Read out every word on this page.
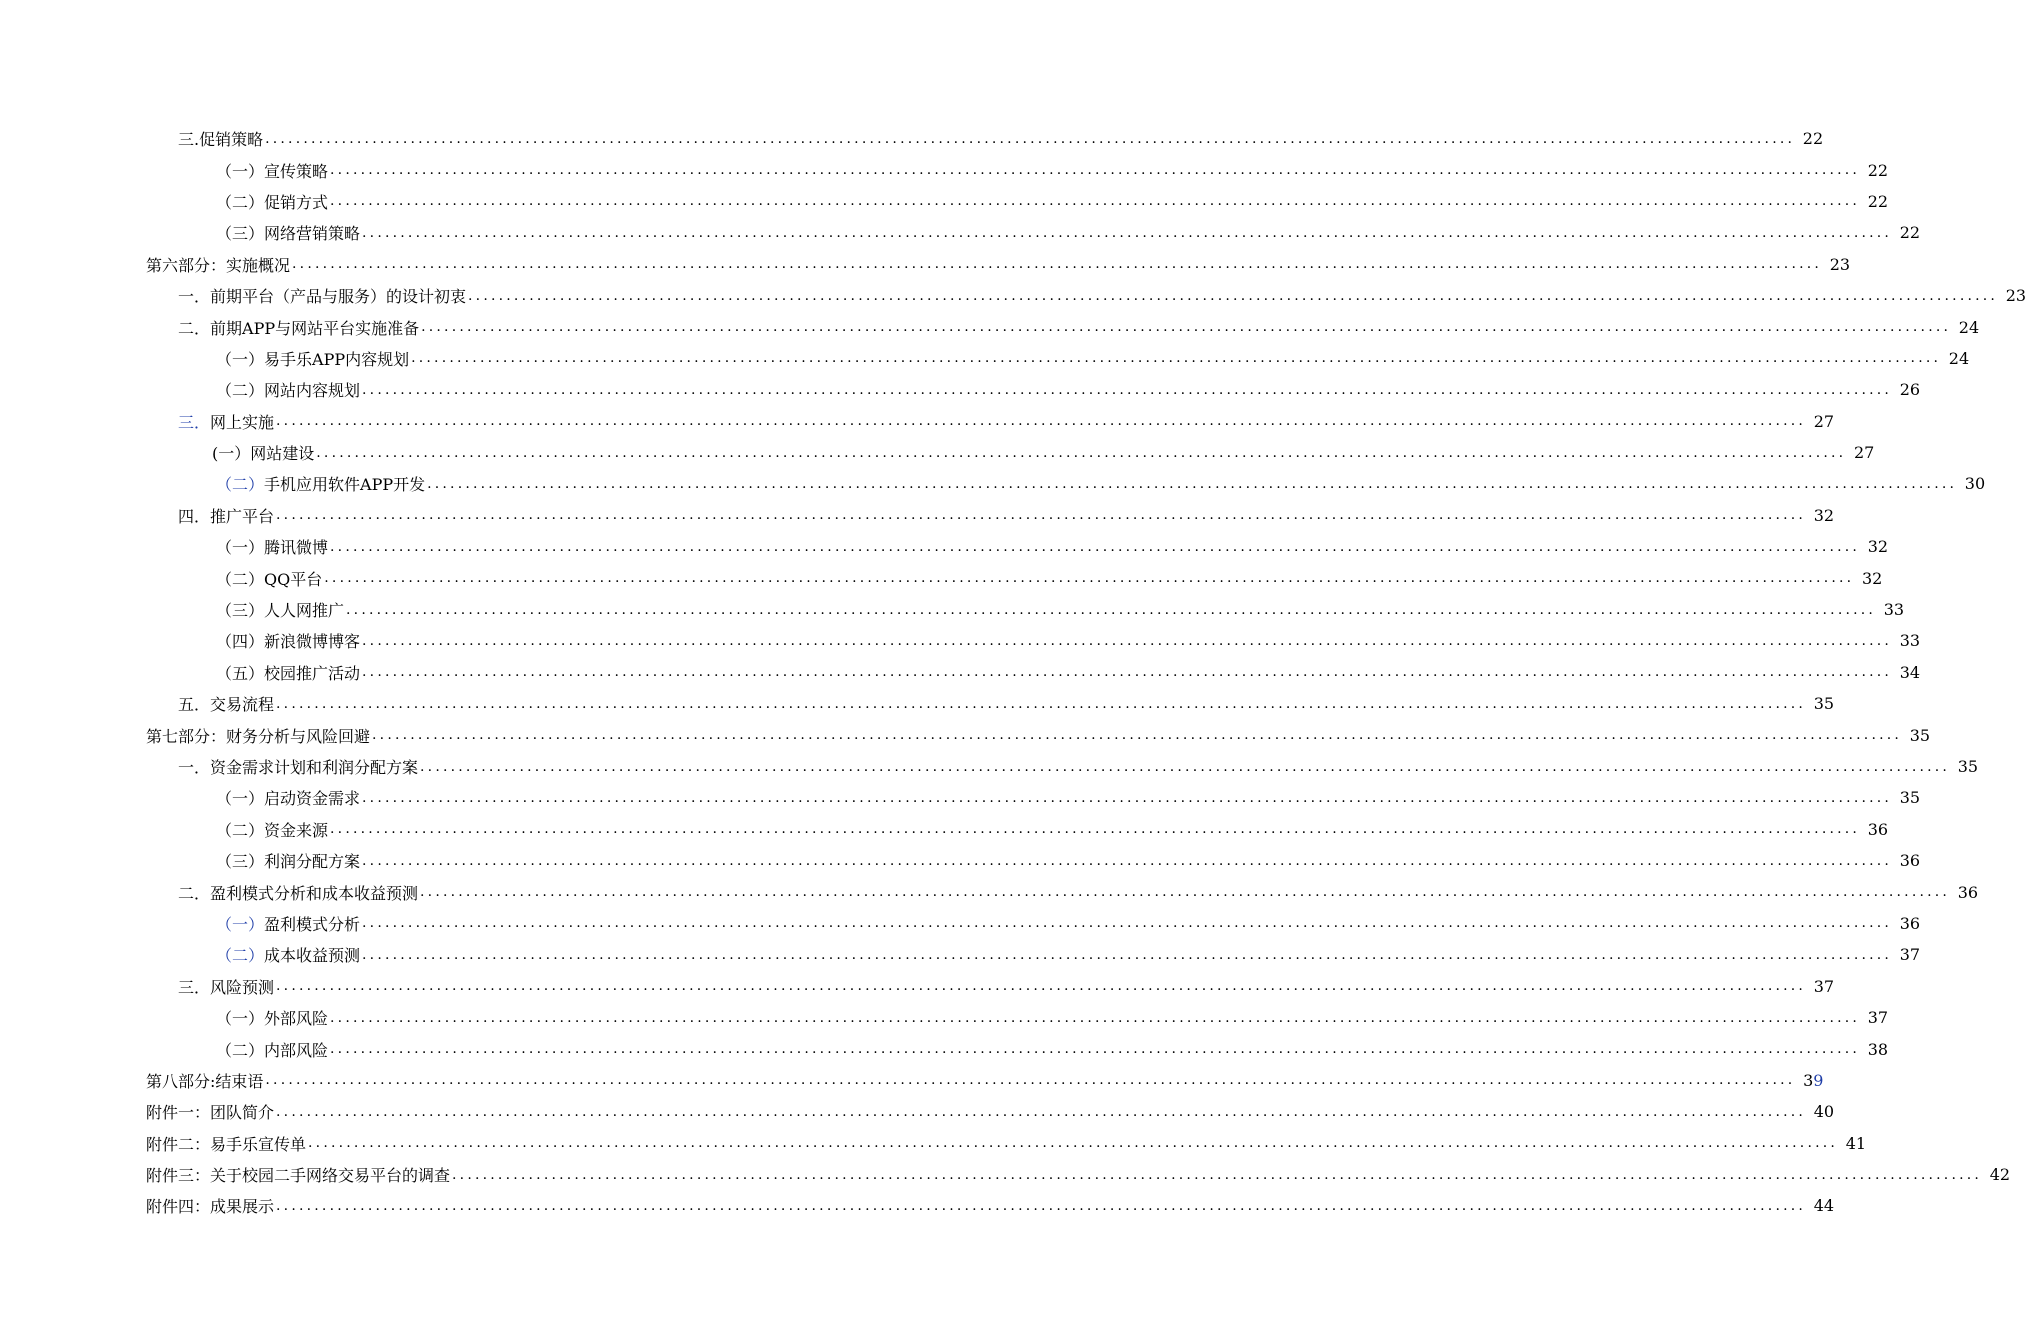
三. 促销策略 ........................................................................................................................................................................................................ 22
（一） 宣传策略 ........................................................................................................................................................................................................ 22
（二） 促销方式 ........................................................................................................................................................................................................ 22
（三） 网络营销策略 ........................................................................................................................................................................................................ 22
第六部分：实施概况 ........................................................................................................................................................................................................ 23
一． 前期平台（产品与服务）的设计初衷 ........................................................................................................................................................................................................ 23
二． 前期APP与网站平台实施准备 ........................................................................................................................................................................................................ 24
（一） 易手乐APP内容规划 ........................................................................................................................................................................................................ 24
（二） 网站内容规划 ........................................................................................................................................................................................................ 26
三． 网上实施 ........................................................................................................................................................................................................ 27
(一） 网站建设 ........................................................................................................................................................................................................ 27
（二） 手机应用软件APP开发 ........................................................................................................................................................................................................ 30
四． 推广平台 ........................................................................................................................................................................................................ 32
（一） 腾讯微博 ........................................................................................................................................................................................................ 32
（二） QQ平台 ........................................................................................................................................................................................................ 32
（三） 人人网推广 ........................................................................................................................................................................................................ 33
（四） 新浪微博博客 ........................................................................................................................................................................................................ 33
（五） 校园推广活动 ........................................................................................................................................................................................................ 34
五． 交易流程 ........................................................................................................................................................................................................ 35
第七部分：财务分析与风险回避 ........................................................................................................................................................................................................ 35
一． 资金需求计划和利润分配方案 ........................................................................................................................................................................................................ 35
（一） 启动资金需求 ........................................................................................................................................................................................................ 35
（二） 资金来源 ........................................................................................................................................................................................................ 36
（三） 利润分配方案 ........................................................................................................................................................................................................ 36
二． 盈利模式分析和成本收益预测 ........................................................................................................................................................................................................ 36
（一） 盈利模式分析 ........................................................................................................................................................................................................ 36
（二） 成本收益预测 ........................................................................................................................................................................................................ 37
三． 风险预测 ........................................................................................................................................................................................................ 37
（一） 外部风险 ........................................................................................................................................................................................................ 37
（二） 内部风险 ........................................................................................................................................................................................................ 38
第八部分:结束语 ........................................................................................................................................................................................................ 39
附件一：团队简介 ........................................................................................................................................................................................................ 40
附件二：易手乐宣传单 ........................................................................................................................................................................................................ 41
附件三：关于校园二手网络交易平台的调查 ........................................................................................................................................................................................................ 42
附件四：成果展示 ........................................................................................................................................................................................................ 44
